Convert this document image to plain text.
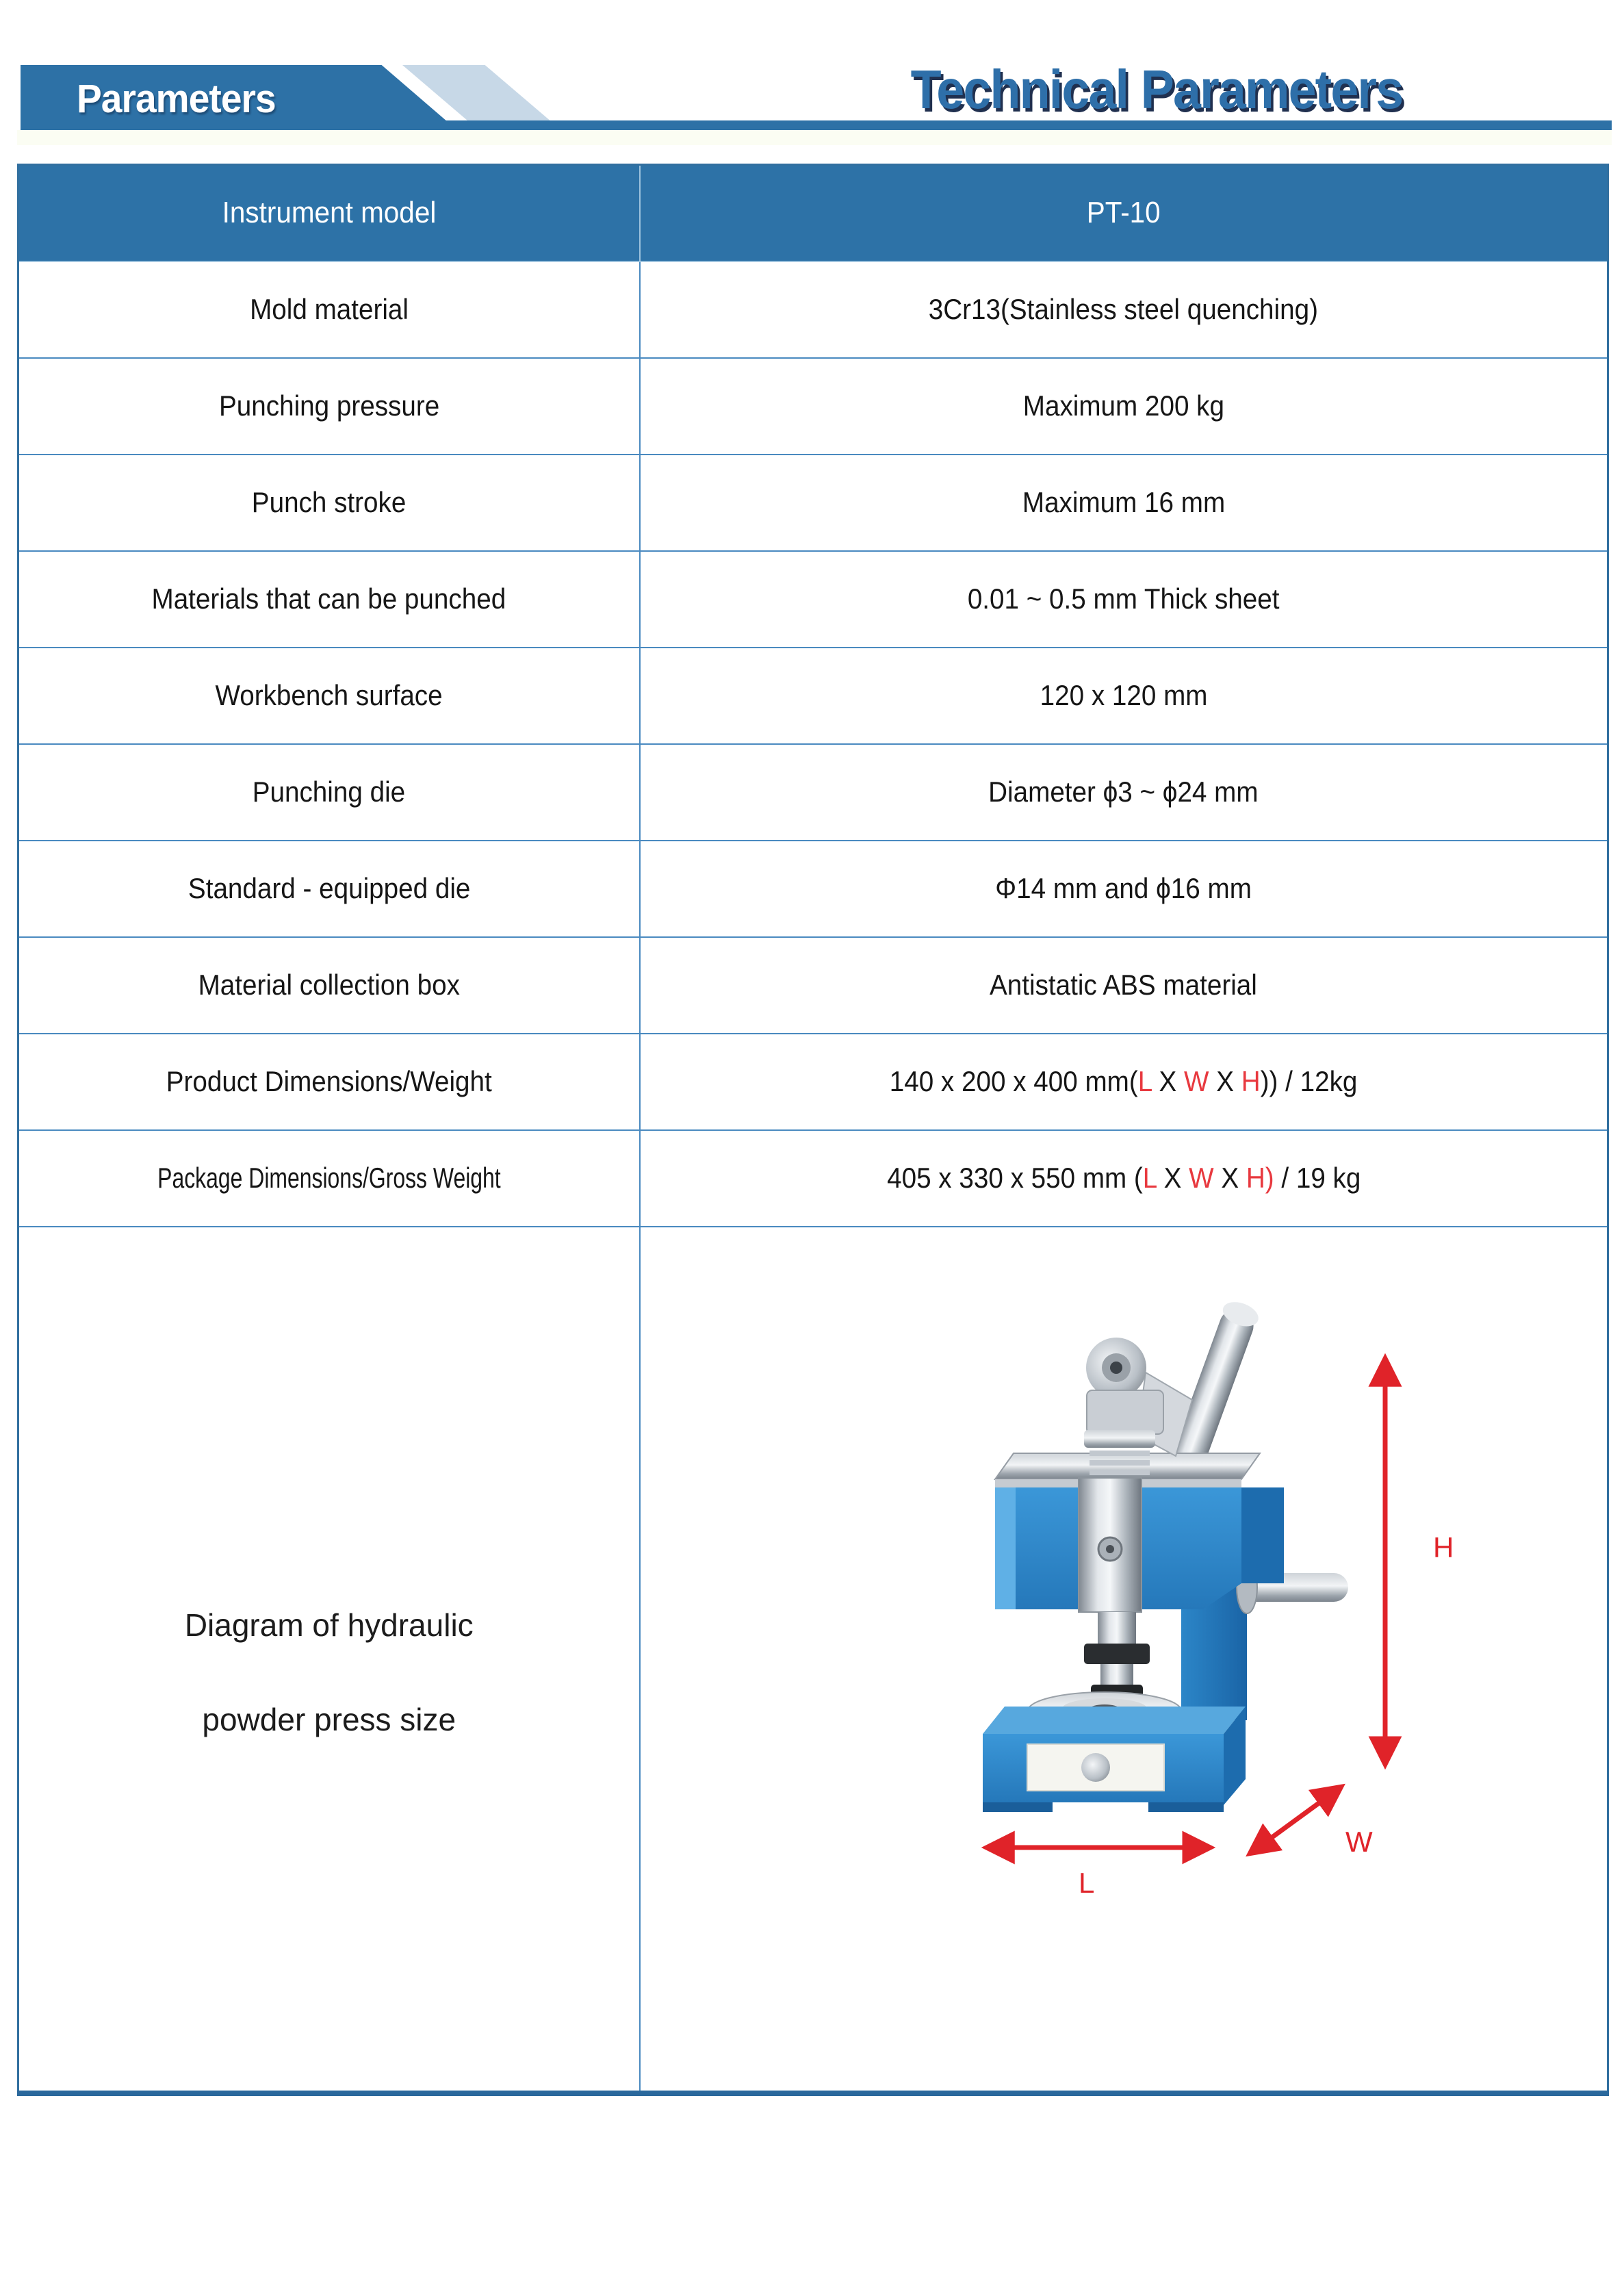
Parameters	Technical Parameters
Instrument model	PT-10
Mold material	3Cr13(Stainless steel quenching)
Punching pressure	Maximum 200 kg
Punch stroke	Maximum 16 mm
Materials that can be punched	0.01 ~ 0.5 mm Thick sheet
Workbench surface	120 x 120 mm
Punching die	Diameter ϕ3 ~ ϕ24 mm
Standard - equipped die	Φ14 mm and ϕ16 mm
Material collection box	Antistatic ABS material
Product Dimensions/Weight	140 x 200 x 400 mm(L X W X H)) / 12kg
Package Dimensions/Gross Weight	405 x 330 x 550 mm (L X W X H) / 19 kg

Diagram of hydraulic
powder press size

H
W
L
